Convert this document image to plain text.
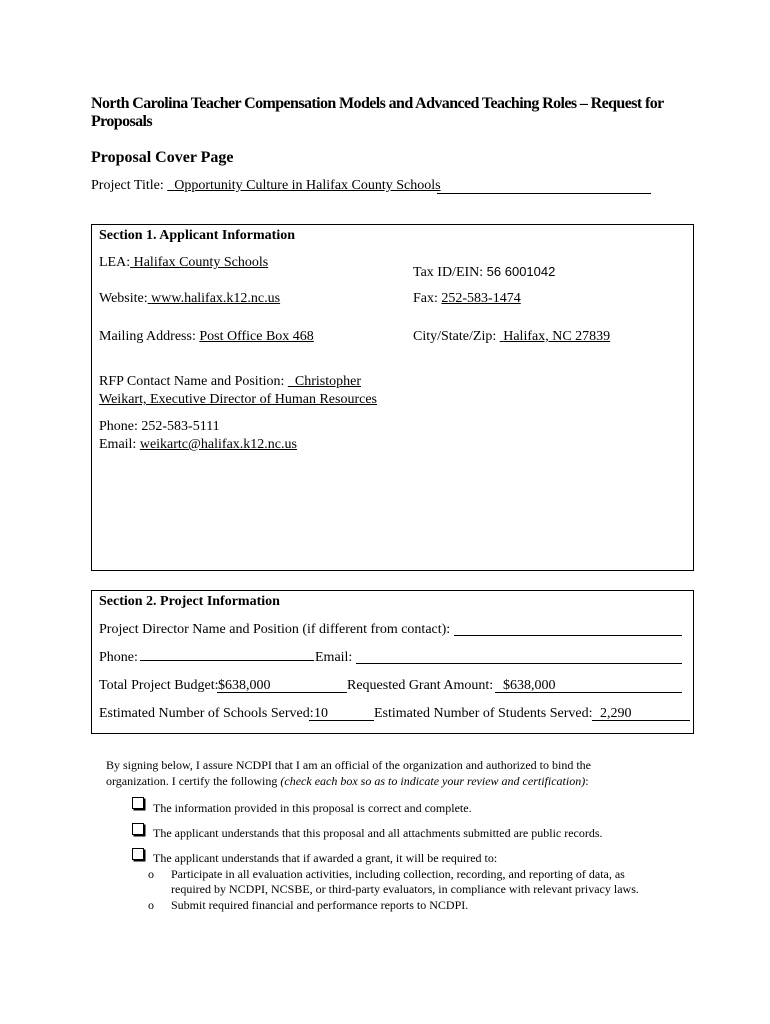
North Carolina Teacher Compensation Models and Advanced Teaching Roles – Request for Proposals
Proposal Cover Page
Project Title: Opportunity Culture in Halifax County Schools
Section 1. Applicant Information
LEA: Halifax County Schools
Tax ID/EIN: 56 6001042
Website: www.halifax.k12.nc.us	Fax: 252-583-1474
Mailing Address: Post Office Box 468	City/State/Zip: Halifax, NC 27839
RFP Contact Name and Position: Christopher
Weikart, Executive Director of Human Resources
Phone: 252-583-5111
Email: weikartc@halifax.k12.nc.us
Section 2. Project Information
Project Director Name and Position (if different from contact):
Phone:	Email:
Total Project Budget: $638,000	Requested Grant Amount: $638,000
Estimated Number of Schools Served: 10	Estimated Number of Students Served: 2,290
By signing below, I assure NCDPI that I am an official of the organization and authorized to bind the
organization. I certify the following (check each box so as to indicate your review and certification):
The information provided in this proposal is correct and complete.
The applicant understands that this proposal and all attachments submitted are public records.
The applicant understands that if awarded a grant, it will be required to:
o Participate in all evaluation activities, including collection, recording, and reporting of data, as
required by NCDPI, NCSBE, or third-party evaluators, in compliance with relevant privacy laws.
o Submit required financial and performance reports to NCDPI.
